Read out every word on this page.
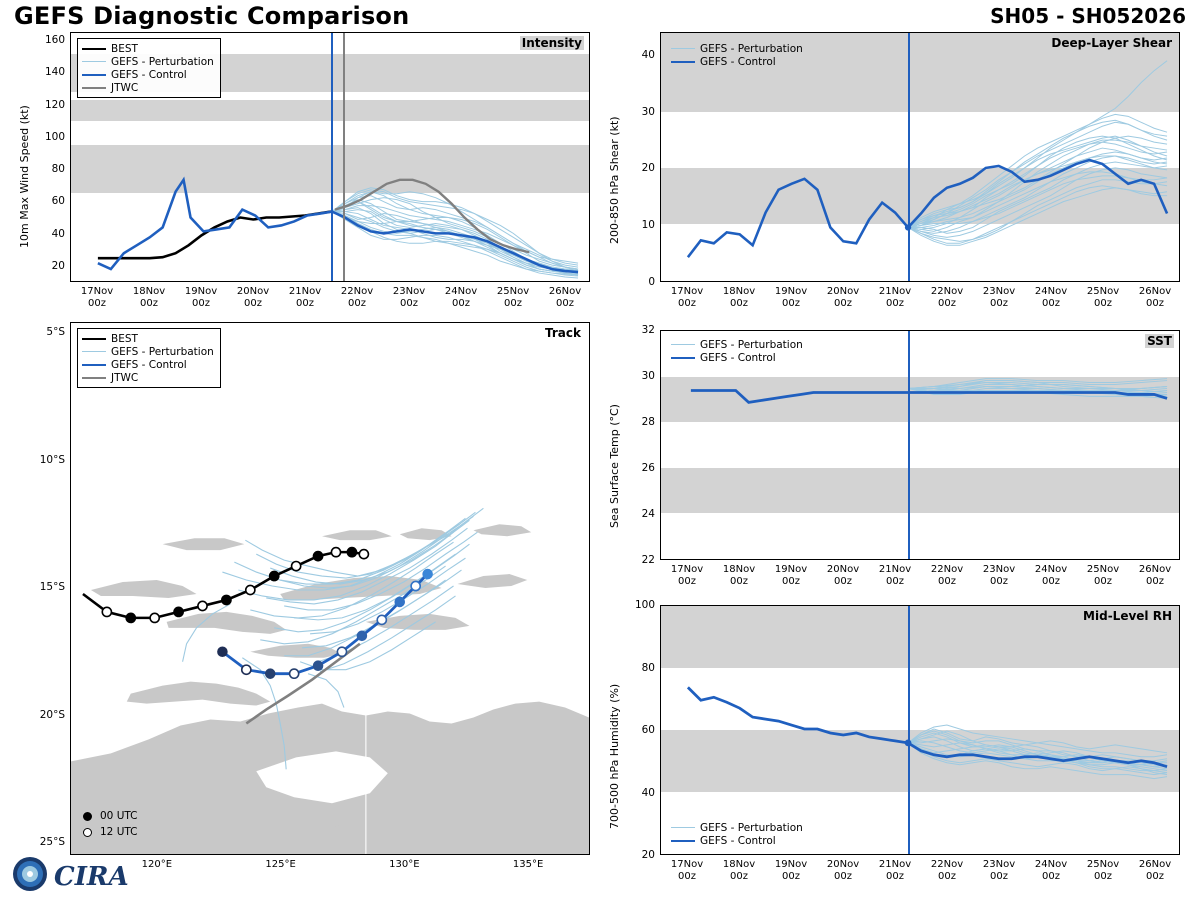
GEFS Diagnostic Comparison	SH05 - SH052026
Intensity
BEST
GEFS - Perturbation
GEFS - Control
JTWC
10m Max Wind Speed (kt)
20
40
60
80
100
120
140
160
17Nov
00z
18Nov
00z
19Nov
00z
20Nov
00z
21Nov
00z
22Nov
00z
23Nov
00z
24Nov
00z
25Nov
00z
26Nov
00z
Deep-Layer Shear
GEFS - Perturbation
GEFS - Control
200-850 hPa Shear (kt)
0
10
20
30
40
17Nov
00z
18Nov
00z
19Nov
00z
20Nov
00z
21Nov
00z
22Nov
00z
23Nov
00z
24Nov
00z
25Nov
00z
26Nov
00z
SST
GEFS - Perturbation
GEFS - Control
Sea Surface Temp (°C)
22
24
26
28
30
32
17Nov
00z
18Nov
00z
19Nov
00z
20Nov
00z
21Nov
00z
22Nov
00z
23Nov
00z
24Nov
00z
25Nov
00z
26Nov
00z
Mid-Level RH
GEFS - Perturbation
GEFS - Control
700-500 hPa Humidity (%)
20
40
60
80
100
17Nov
00z
18Nov
00z
19Nov
00z
20Nov
00z
21Nov
00z
22Nov
00z
23Nov
00z
24Nov
00z
25Nov
00z
26Nov
00z
Track
BEST
GEFS - Perturbation
GEFS - Control
JTWC
00 UTC
12 UTC
5°S
10°S
15°S
20°S
25°S
120°E	125°E	130°E	135°E
CIRA
